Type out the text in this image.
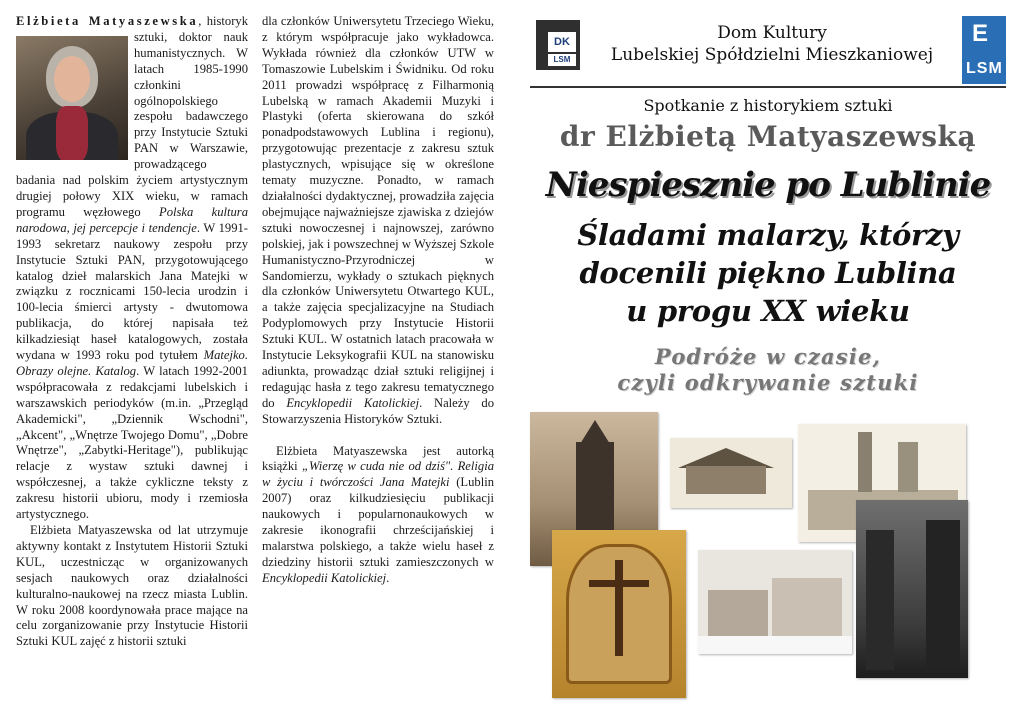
Elżbieta Matyaszewska
, historyk sztuki, doktor nauk humanistycznych. W latach 1985-1990 członkini ogólnopolskiego zespołu badawczego przy Instytucie Sztuki PAN w Warszawie, prowadzącego badania nad polskim życiem artystycznym drugiej połowy XIX wieku, w ramach programu węzłowego Polska kultura narodowa, jej percepcje i tendencje. W 1991-1993 sekretarz naukowy zespołu przy Instytucie Sztuki PAN, przygotowującego katalog dzieł malarskich Jana Matejki w związku z rocznicami 150-lecia urodzin i 100-lecia śmierci artysty - dwutomowa publikacja, do której napisała też kilkadziesiąt haseł katalogowych, została wydana w 1993 roku pod tytułem Matejko. Obrazy olejne. Katalog. W latach 1992-2001 współpracowała z redakcjami lubelskich i warszawskich periodyków (m.in. „Przegląd Akademicki", „Dziennik Wschodni", „Akcent", „Wnętrze Twojego Domu", „Dobre Wnętrze", „Zabytki-Heritage"), publikując relacje z wystaw sztuki dawnej i współczesnej, a także cykliczne teksty z zakresu historii ubioru, mody i rzemiosła artystycznego.

Elżbieta Matyaszewska od lat utrzymuje aktywny kontakt z Instytutem Historii Sztuki KUL, uczestnicząc w organizowanych sesjach naukowych oraz działalności kulturalno-naukowej na rzecz miasta Lublin. W roku 2008 koordynowała prace mające na celu zorganizowanie przy Instytucie Historii Sztuki KUL zajęć z historii sztuki

dla członków Uniwersytetu Trzeciego Wieku, z którym współpracuje jako wykładowca. Wykłada również dla członków UTW w Tomaszowie Lubelskim i Świdniku. Od roku 2011 prowadzi współpracę z Filharmonią Lubelską w ramach Akademii Muzyki i Plastyki (oferta skierowana do szkół ponadpodstawowych Lublina i regionu), przygotowując prezentacje z zakresu sztuk plastycznych, wpisujące się w określone tematy muzyczne. Ponadto, w ramach działalności dydaktycznej, prowadziła zajęcia obejmujące najważniejsze zjawiska z dziejów sztuki nowoczesnej i najnowszej, zarówno polskiej, jak i powszechnej w Wyższej Szkole Humanistyczno-Przyrodniczej w Sandomierzu, wykłady o sztukach pięknych dla członków Uniwersytetu Otwartego KUL, a także zajęcia specjalizacyjne na Studiach Podyplomowych przy Instytucie Historii Sztuki KUL. W ostatnich latach pracowała w Instytucie Leksykografii KUL na stanowisku adiunkta, prowadząc dział sztuki religijnej i redagując hasła z tego zakresu tematycznego do Encyklopedii Katolickiej. Należy do Stowarzyszenia Historyków Sztuki.

Elżbieta Matyaszewska jest autorką książki „Wierzę w cuda nie od dziś". Religia w życiu i twórczości Jana Matejki (Lublin 2007) oraz kilkudziesięciu publikacji naukowych i popularnonaukowych w zakresie ikonografii chrześcijańskiej i malarstwa polskiego, a także wielu haseł z dziedziny historii sztuki zamieszczonych w Encyklopedii Katolickiej.

DK
LSM
Dom Kultury
Lubelskiej Spółdzielni Mieszkaniowej
E
LSM
Spotkanie z historykiem sztuki
dr Elżbietą Matyaszewską
Niespiesznie po Lublinie
Śladami malarzy, którzy
docenili piękno Lublina
u progu XX wieku
Podróże w czasie,
czyli odkrywanie sztuki
